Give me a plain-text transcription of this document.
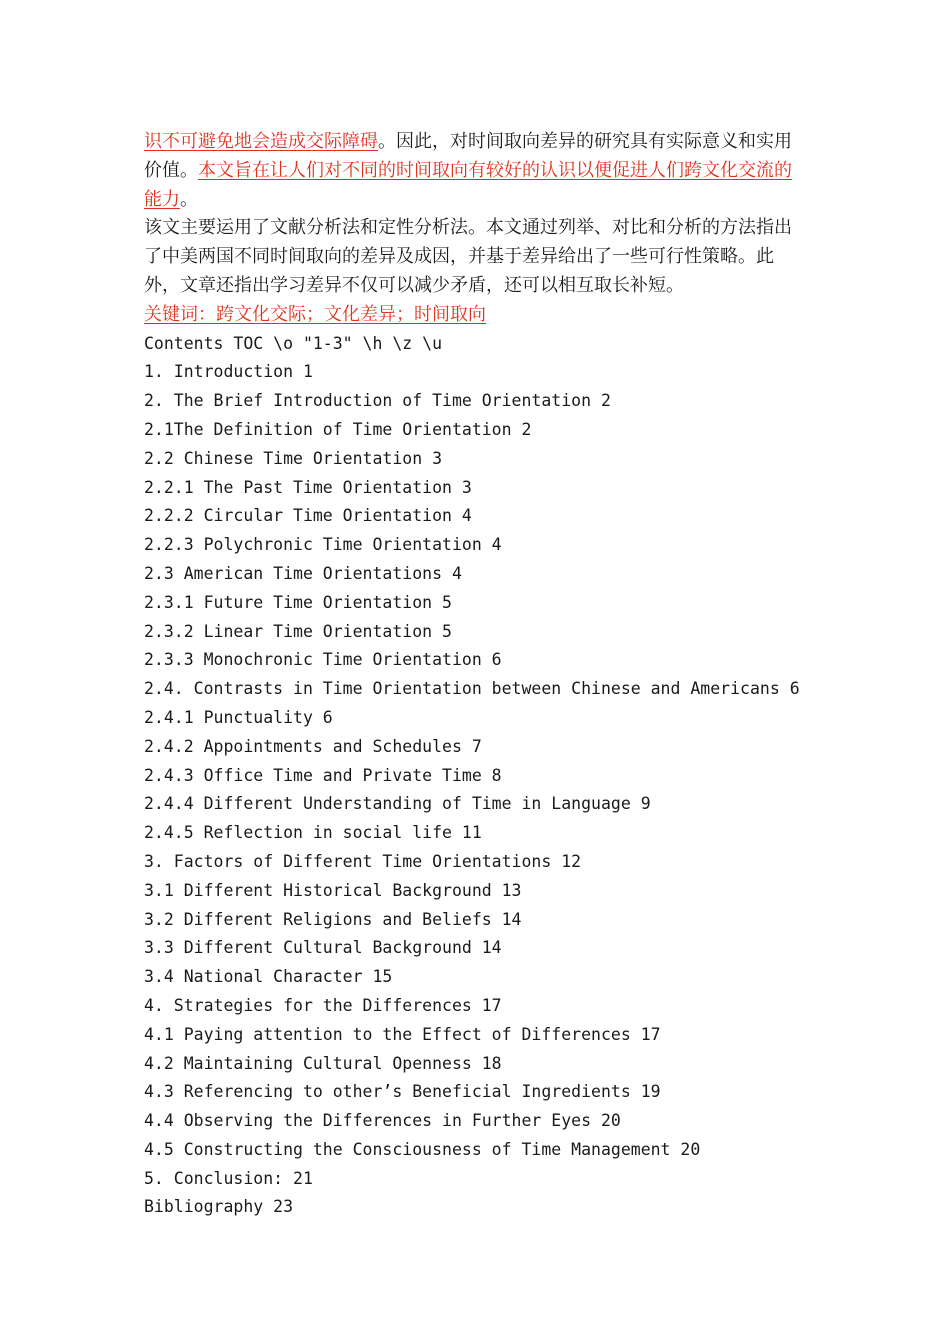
识不可避免地会造成交际障碍。因此，对时间取向差异的研究具有实际意义和实用价值。本文旨在让人们对不同的时间取向有较好的认识以便促进人们跨文化交流的能力。

该文主要运用了文献分析法和定性分析法。本文通过列举、对比和分析的方法指出了中美两国不同时间取向的差异及成因，并基于差异给出了一些可行性策略。此外，文章还指出学习差异不仅可以减少矛盾，还可以相互取长补短。

关键词：跨文化交际；文化差异；时间取向

Contents TOC \o "1-3" \h \z \u
1. Introduction 1
2. The Brief Introduction of Time Orientation 2
2.1The Definition of Time Orientation 2
2.2 Chinese Time Orientation 3
2.2.1 The Past Time Orientation 3
2.2.2 Circular Time Orientation 4
2.2.3 Polychronic Time Orientation 4
2.3 American Time Orientations 4
2.3.1 Future Time Orientation 5
2.3.2 Linear Time Orientation 5
2.3.3 Monochronic Time Orientation 6
2.4. Contrasts in Time Orientation between Chinese and Americans 6
2.4.1 Punctuality 6
2.4.2 Appointments and Schedules 7
2.4.3 Office Time and Private Time 8
2.4.4 Different Understanding of Time in Language 9
2.4.5 Reflection in social life 11
3. Factors of Different Time Orientations 12
3.1 Different Historical Background 13
3.2 Different Religions and Beliefs 14
3.3 Different Cultural Background 14
3.4 National Character 15
4. Strategies for the Differences 17
4.1 Paying attention to the Effect of Differences 17
4.2 Maintaining Cultural Openness 18
4.3 Referencing to other’s Beneficial Ingredients 19
4.4 Observing the Differences in Further Eyes 20
4.5 Constructing the Consciousness of Time Management 20
5. Conclusion: 21
Bibliography 23
